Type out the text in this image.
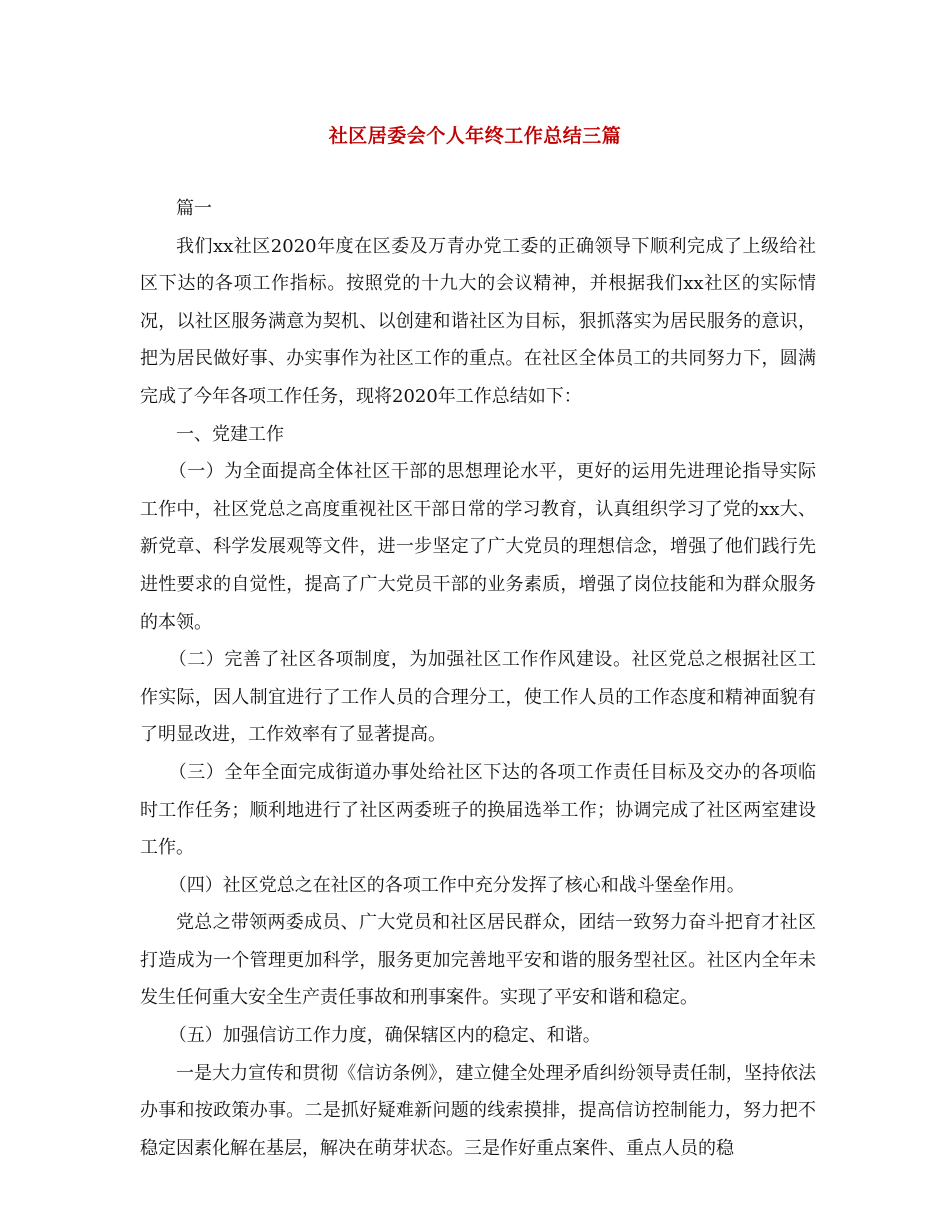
社区居委会个人年终工作总结三篇

篇一

我们xx社区2020年度在区委及万青办党工委的正确领导下顺利完成了上级给社区下达的各项工作指标。按照党的十九大的会议精神，并根据我们xx社区的实际情况，以社区服务满意为契机、以创建和谐社区为目标，狠抓落实为居民服务的意识，把为居民做好事、办实事作为社区工作的重点。在社区全体员工的共同努力下，圆满完成了今年各项工作任务，现将2020年工作总结如下：

一、党建工作

（一）为全面提高全体社区干部的思想理论水平，更好的运用先进理论指导实际工作中，社区党总之高度重视社区干部日常的学习教育，认真组织学习了党的xx大、新党章、科学发展观等文件，进一步坚定了广大党员的理想信念，增强了他们践行先进性要求的自觉性，提高了广大党员干部的业务素质，增强了岗位技能和为群众服务的本领。

（二）完善了社区各项制度，为加强社区工作作风建设。社区党总之根据社区工作实际，因人制宜进行了工作人员的合理分工，使工作人员的工作态度和精神面貌有了明显改进，工作效率有了显著提高。

（三）全年全面完成街道办事处给社区下达的各项工作责任目标及交办的各项临时工作任务；顺利地进行了社区两委班子的换届选举工作；协调完成了社区两室建设工作。

（四）社区党总之在社区的各项工作中充分发挥了核心和战斗堡垒作用。

党总之带领两委成员、广大党员和社区居民群众，团结一致努力奋斗把育才社区打造成为一个管理更加科学，服务更加完善地平安和谐的服务型社区。社区内全年未发生任何重大安全生产责任事故和刑事案件。实现了平安和谐和稳定。

（五）加强信访工作力度，确保辖区内的稳定、和谐。

一是大力宣传和贯彻《信访条例》，建立健全处理矛盾纠纷领导责任制，坚持依法办事和按政策办事。二是抓好疑难新问题的线索摸排，提高信访控制能力，努力把不稳定因素化解在基层，解决在萌芽状态。三是作好重点案件、重点人员的稳
